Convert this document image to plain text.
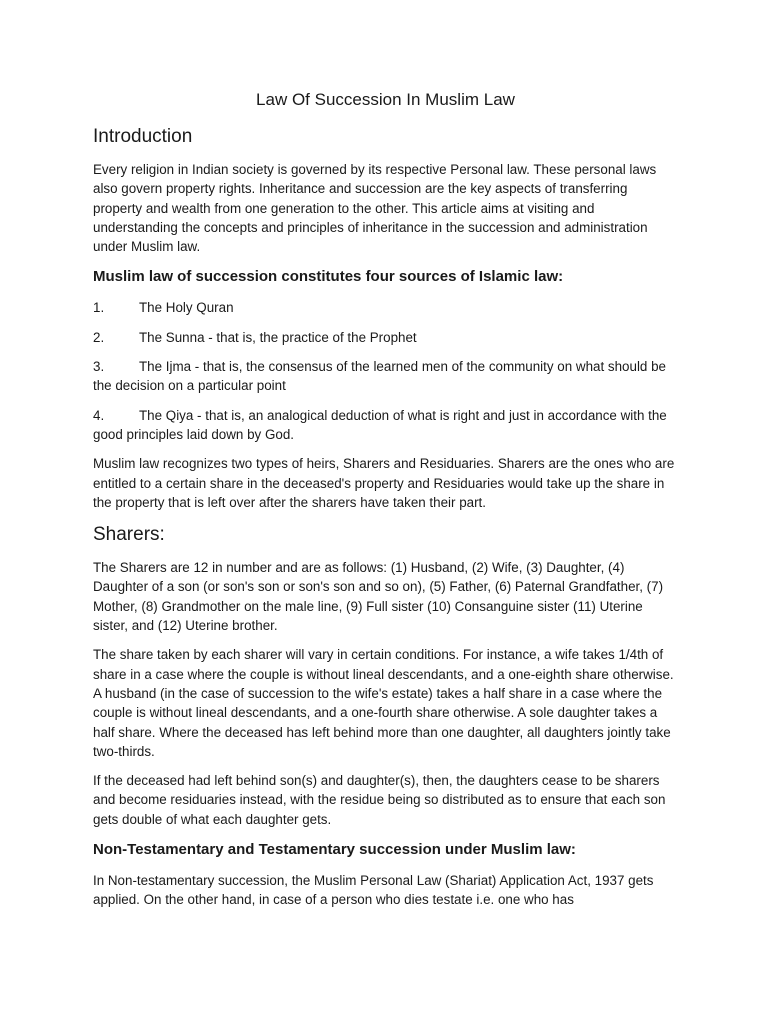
Law Of Succession In Muslim Law
Introduction

Every religion in Indian society is governed by its respective Personal law. These personal laws also govern property rights. Inheritance and succession are the key aspects of transferring property and wealth from one generation to the other. This article aims at visiting and understanding the concepts and principles of inheritance in the succession and administration under Muslim law.

Muslim law of succession constitutes four sources of Islamic law:

1.	The Holy Quran

2.	The Sunna - that is, the practice of the Prophet

3.	The Ijma - that is, the consensus of the learned men of the community on what should be the decision on a particular point

4.	The Qiya - that is, an analogical deduction of what is right and just in accordance with the good principles laid down by God.

Muslim law recognizes two types of heirs, Sharers and Residuaries. Sharers are the ones who are entitled to a certain share in the deceased's property and Residuaries would take up the share in the property that is left over after the sharers have taken their part.

Sharers:

The Sharers are 12 in number and are as follows: (1) Husband, (2) Wife, (3) Daughter, (4) Daughter of a son (or son's son or son's son and so on), (5) Father, (6) Paternal Grandfather, (7) Mother, (8) Grandmother on the male line, (9) Full sister (10) Consanguine sister (11) Uterine sister, and (12) Uterine brother.

The share taken by each sharer will vary in certain conditions. For instance, a wife takes 1/4th of share in a case where the couple is without lineal descendants, and a one-eighth share otherwise. A husband (in the case of succession to the wife's estate) takes a half share in a case where the couple is without lineal descendants, and a one-fourth share otherwise. A sole daughter takes a half share. Where the deceased has left behind more than one daughter, all daughters jointly take two-thirds.

If the deceased had left behind son(s) and daughter(s), then, the daughters cease to be sharers and become residuaries instead, with the residue being so distributed as to ensure that each son gets double of what each daughter gets.

Non-Testamentary and Testamentary succession under Muslim law:

In Non-testamentary succession, the Muslim Personal Law (Shariat) Application Act, 1937 gets applied. On the other hand, in case of a person who dies testate i.e. one who has
